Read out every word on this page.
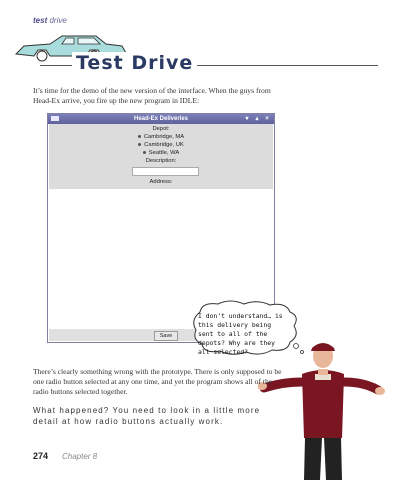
test drive
Test Drive
It’s time for the demo of the new version of the interface. When the guys from Head-Ex arrive, you fire up the new program in IDLE:
Head-Ex Deliveries	▾ ▴ ×
Depot:
Cambridge, MA
Cambridge, UK
Seattle, WA
Description:
Address:
Save
I don’t understand… is this delivery being sent to all of the depots? Why are they all selected?
There’s clearly something wrong with the prototype. There is only supposed to be one radio button selected at any one time, and yet the program shows all of the radio buttons selected together.
What happened? You need to look in a little more detail at how radio buttons actually work.
274 Chapter 8
